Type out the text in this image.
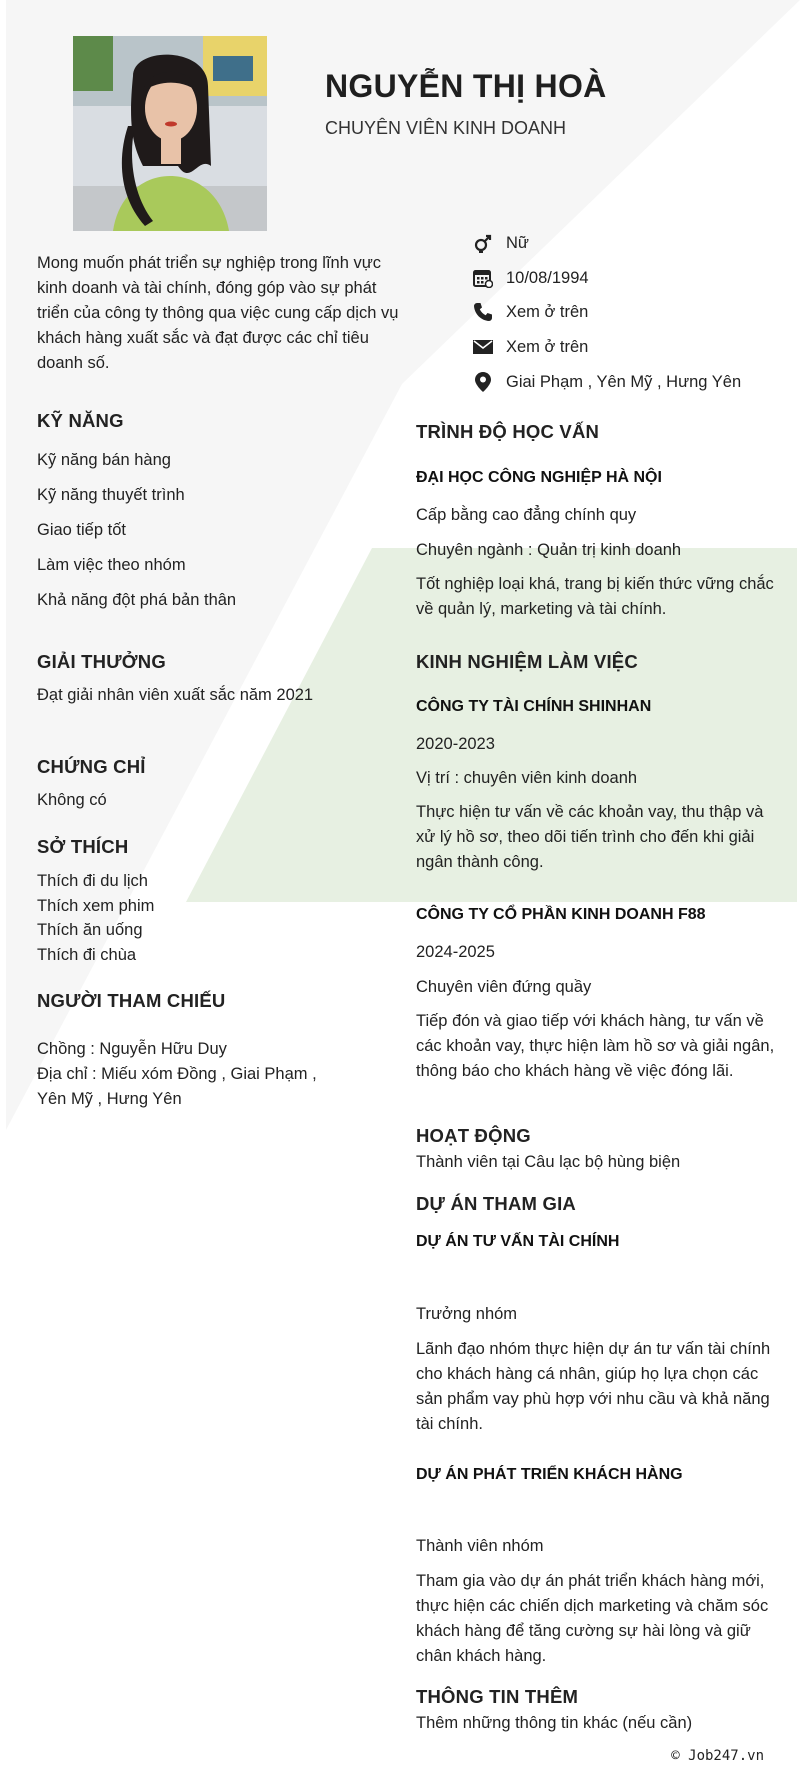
NGUYỄN THỊ HOÀ
CHUYÊN VIÊN KINH DOANH
Nữ
10/08/1994
Xem ở trên
Xem ở trên
Giai Phạm , Yên Mỹ , Hưng Yên
Mong muốn phát triển sự nghiệp trong lĩnh vực kinh doanh và tài chính, đóng góp vào sự phát triển của công ty thông qua việc cung cấp dịch vụ khách hàng xuất sắc và đạt được các chỉ tiêu doanh số.
KỸ NĂNG
Kỹ năng bán hàng
Kỹ năng thuyết trình
Giao tiếp tốt
Làm việc theo nhóm
Khả năng đột phá bản thân
GIẢI THƯỞNG
Đạt giải nhân viên xuất sắc năm 2021
CHỨNG CHỈ
Không có
SỞ THÍCH
Thích đi du lịch
Thích xem phim
Thích ăn uống
Thích đi chùa
NGƯỜI THAM CHIẾU
Chồng : Nguyễn Hữu Duy
Địa chỉ : Miếu xóm Đồng , Giai Phạm ,
Yên Mỹ , Hưng Yên
TRÌNH ĐỘ HỌC VẤN
ĐẠI HỌC CÔNG NGHIỆP HÀ NỘI
Cấp bằng cao đẳng chính quy
Chuyên ngành : Quản trị kinh doanh
Tốt nghiệp loại khá, trang bị kiến thức vững chắc về quản lý, marketing và tài chính.
KINH NGHIỆM LÀM VIỆC
CÔNG TY TÀI CHÍNH SHINHAN
2020-2023
Vị trí : chuyên viên kinh doanh
Thực hiện tư vấn về các khoản vay, thu thập và xử lý hồ sơ, theo dõi tiến trình cho đến khi giải ngân thành công.
CÔNG TY CỔ PHẦN KINH DOANH F88
2024-2025
Chuyên viên đứng quầy
Tiếp đón và giao tiếp với khách hàng, tư vấn về các khoản vay, thực hiện làm hồ sơ và giải ngân, thông báo cho khách hàng về việc đóng lãi.
HOẠT ĐỘNG
Thành viên tại Câu lạc bộ hùng biện
DỰ ÁN THAM GIA
DỰ ÁN TƯ VẤN TÀI CHÍNH
Trưởng nhóm
Lãnh đạo nhóm thực hiện dự án tư vấn tài chính cho khách hàng cá nhân, giúp họ lựa chọn các sản phẩm vay phù hợp với nhu cầu và khả năng tài chính.
DỰ ÁN PHÁT TRIỂN KHÁCH HÀNG
Thành viên nhóm
Tham gia vào dự án phát triển khách hàng mới, thực hiện các chiến dịch marketing và chăm sóc khách hàng để tăng cường sự hài lòng và giữ chân khách hàng.
THÔNG TIN THÊM
Thêm những thông tin khác (nếu cần)
© Job247.vn
